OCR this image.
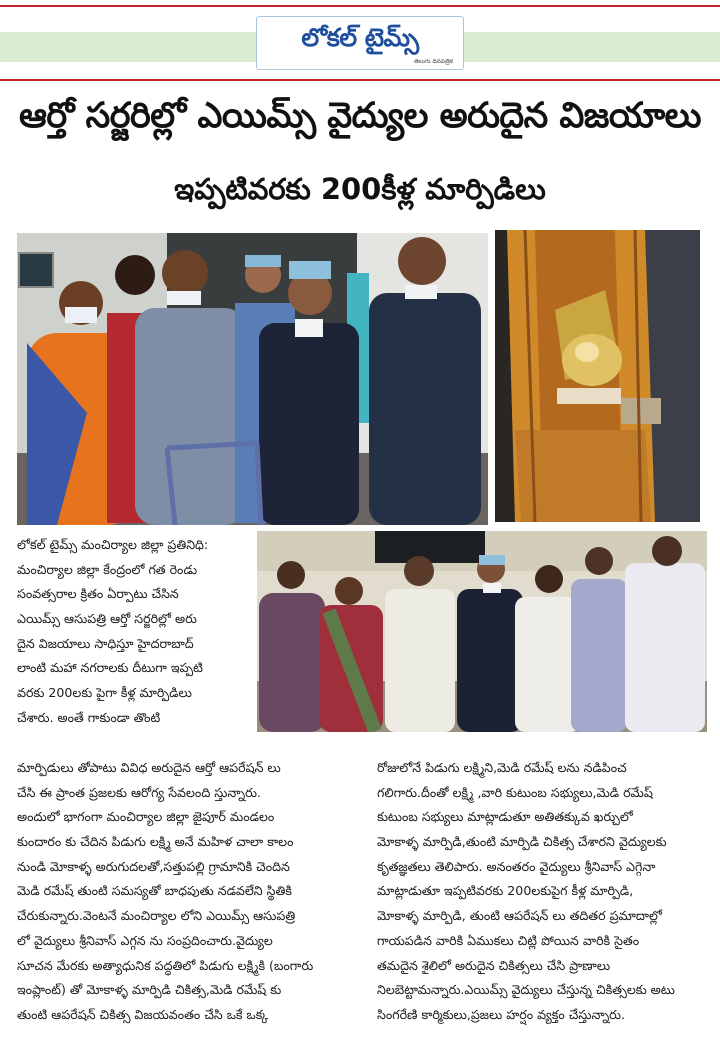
లోకల్ టైమ్స్
తెలుగు దినపత్రిక
ఆర్తో సర్జరిల్లో ఎయిమ్స్ వైద్యుల అరుదైన విజయాలు
ఇప్పటివరకు 200కీళ్ల మార్పిడిలు
లోకల్ టైమ్స్ మంచిర్యాల జిల్లా ప్రతినిధి:
మంచిర్యాల జిల్లా కేంద్రంలో గత రెండు
సంవత్సరాల క్రితం ఏర్పాటు చేసిన
ఎయిమ్స్ ఆసుపత్రి ఆర్తో సర్జరిల్లో అరు
దైన విజయాలు సాధిస్తూ హైదరాబాద్
లాంటి మహా నగరాలకు దీటుగా ఇప్పటి
వరకు 200లకు పైగా కీళ్ల మార్పిడిలు
చేశారు. అంతే గాకుండా తొంటి
మార్పిడులు తోపాటు వివిధ అరుదైన ఆర్తో ఆపరేషన్ లు
చేసి ఈ ప్రాంత ప్రజలకు ఆరోగ్య సేవలంది స్తున్నారు.
అందులో భాగంగా మంచిర్యాల జిల్లా జైపూర్ మండలం
కుందారం కు చేదిన పిడుగు లక్ష్మి అనే మహిళ చాలా కాలం
నుండి మోకాళ్ళ అరుగుదలతో,సత్తుపల్లి గ్రామానికి చెందిన
మెడి రమేష్ తుంటి సమస్యతో బాధపుతు నడవలేని స్థితికి
చేరుకున్నారు.వెంటనే మంచిర్యాల లోని ఎయిమ్స్ ఆసుపత్రి
లో వైద్యులు శ్రీనివాస్ ఎగ్గన ను సంప్రదించారు.వైద్యుల
సూచన మేరకు అత్యాధునిక పద్ధతిలో పిడుగు లక్ష్మికి (బంగారు
ఇంప్లాంట్) తో మోకాళ్ళ మార్పిడి చికిత్స,మెడి రమేష్ కు
తుంటి ఆపరేషన్ చికిత్స విజయవంతం చేసి ఒకే ఒక్క
రోజులోనే పిడుగు లక్ష్మిని,మెడి రమేష్ లను నడిపించ
గలిగారు.దీంతో లక్ష్మి ,వారి కుటుంబ సభ్యులు,మెడి రమేష్
కుటుంబ సభ్యులు మాట్లాడుతూ అతితక్కువ ఖర్చులో
మోకాళ్ళ మార్పిడి,తుంటి మార్పిడి చికిత్స చేశారని వైద్యులకు
కృతజ్ఞతలు తెలిపారు. అనంతరం వైద్యులు శ్రీనివాస్ ఎగ్గెనా
మాట్లాడుతూ ఇప్పటివరకు 200లకుపైగ కీళ్ల మార్పిడి,
మోకాళ్ళ మార్పిడి, తుంటి ఆపరేషన్ లు తదితర ప్రమాదాల్లో
గాయపడిన వారికి ఏముకలు చిట్లి పోయిన వారికి సైతం
తమదైన శైలిలో అరుదైన చికిత్సలు చేసి ప్రాణాలు
నిలబెట్టామన్నారు.ఎయిమ్స్ వైద్యులు చేస్తున్న చికిత్సలకు అటు
సింగరేణి కార్మికులు,ప్రజలు హర్షం వ్యక్తం చేస్తున్నారు.
